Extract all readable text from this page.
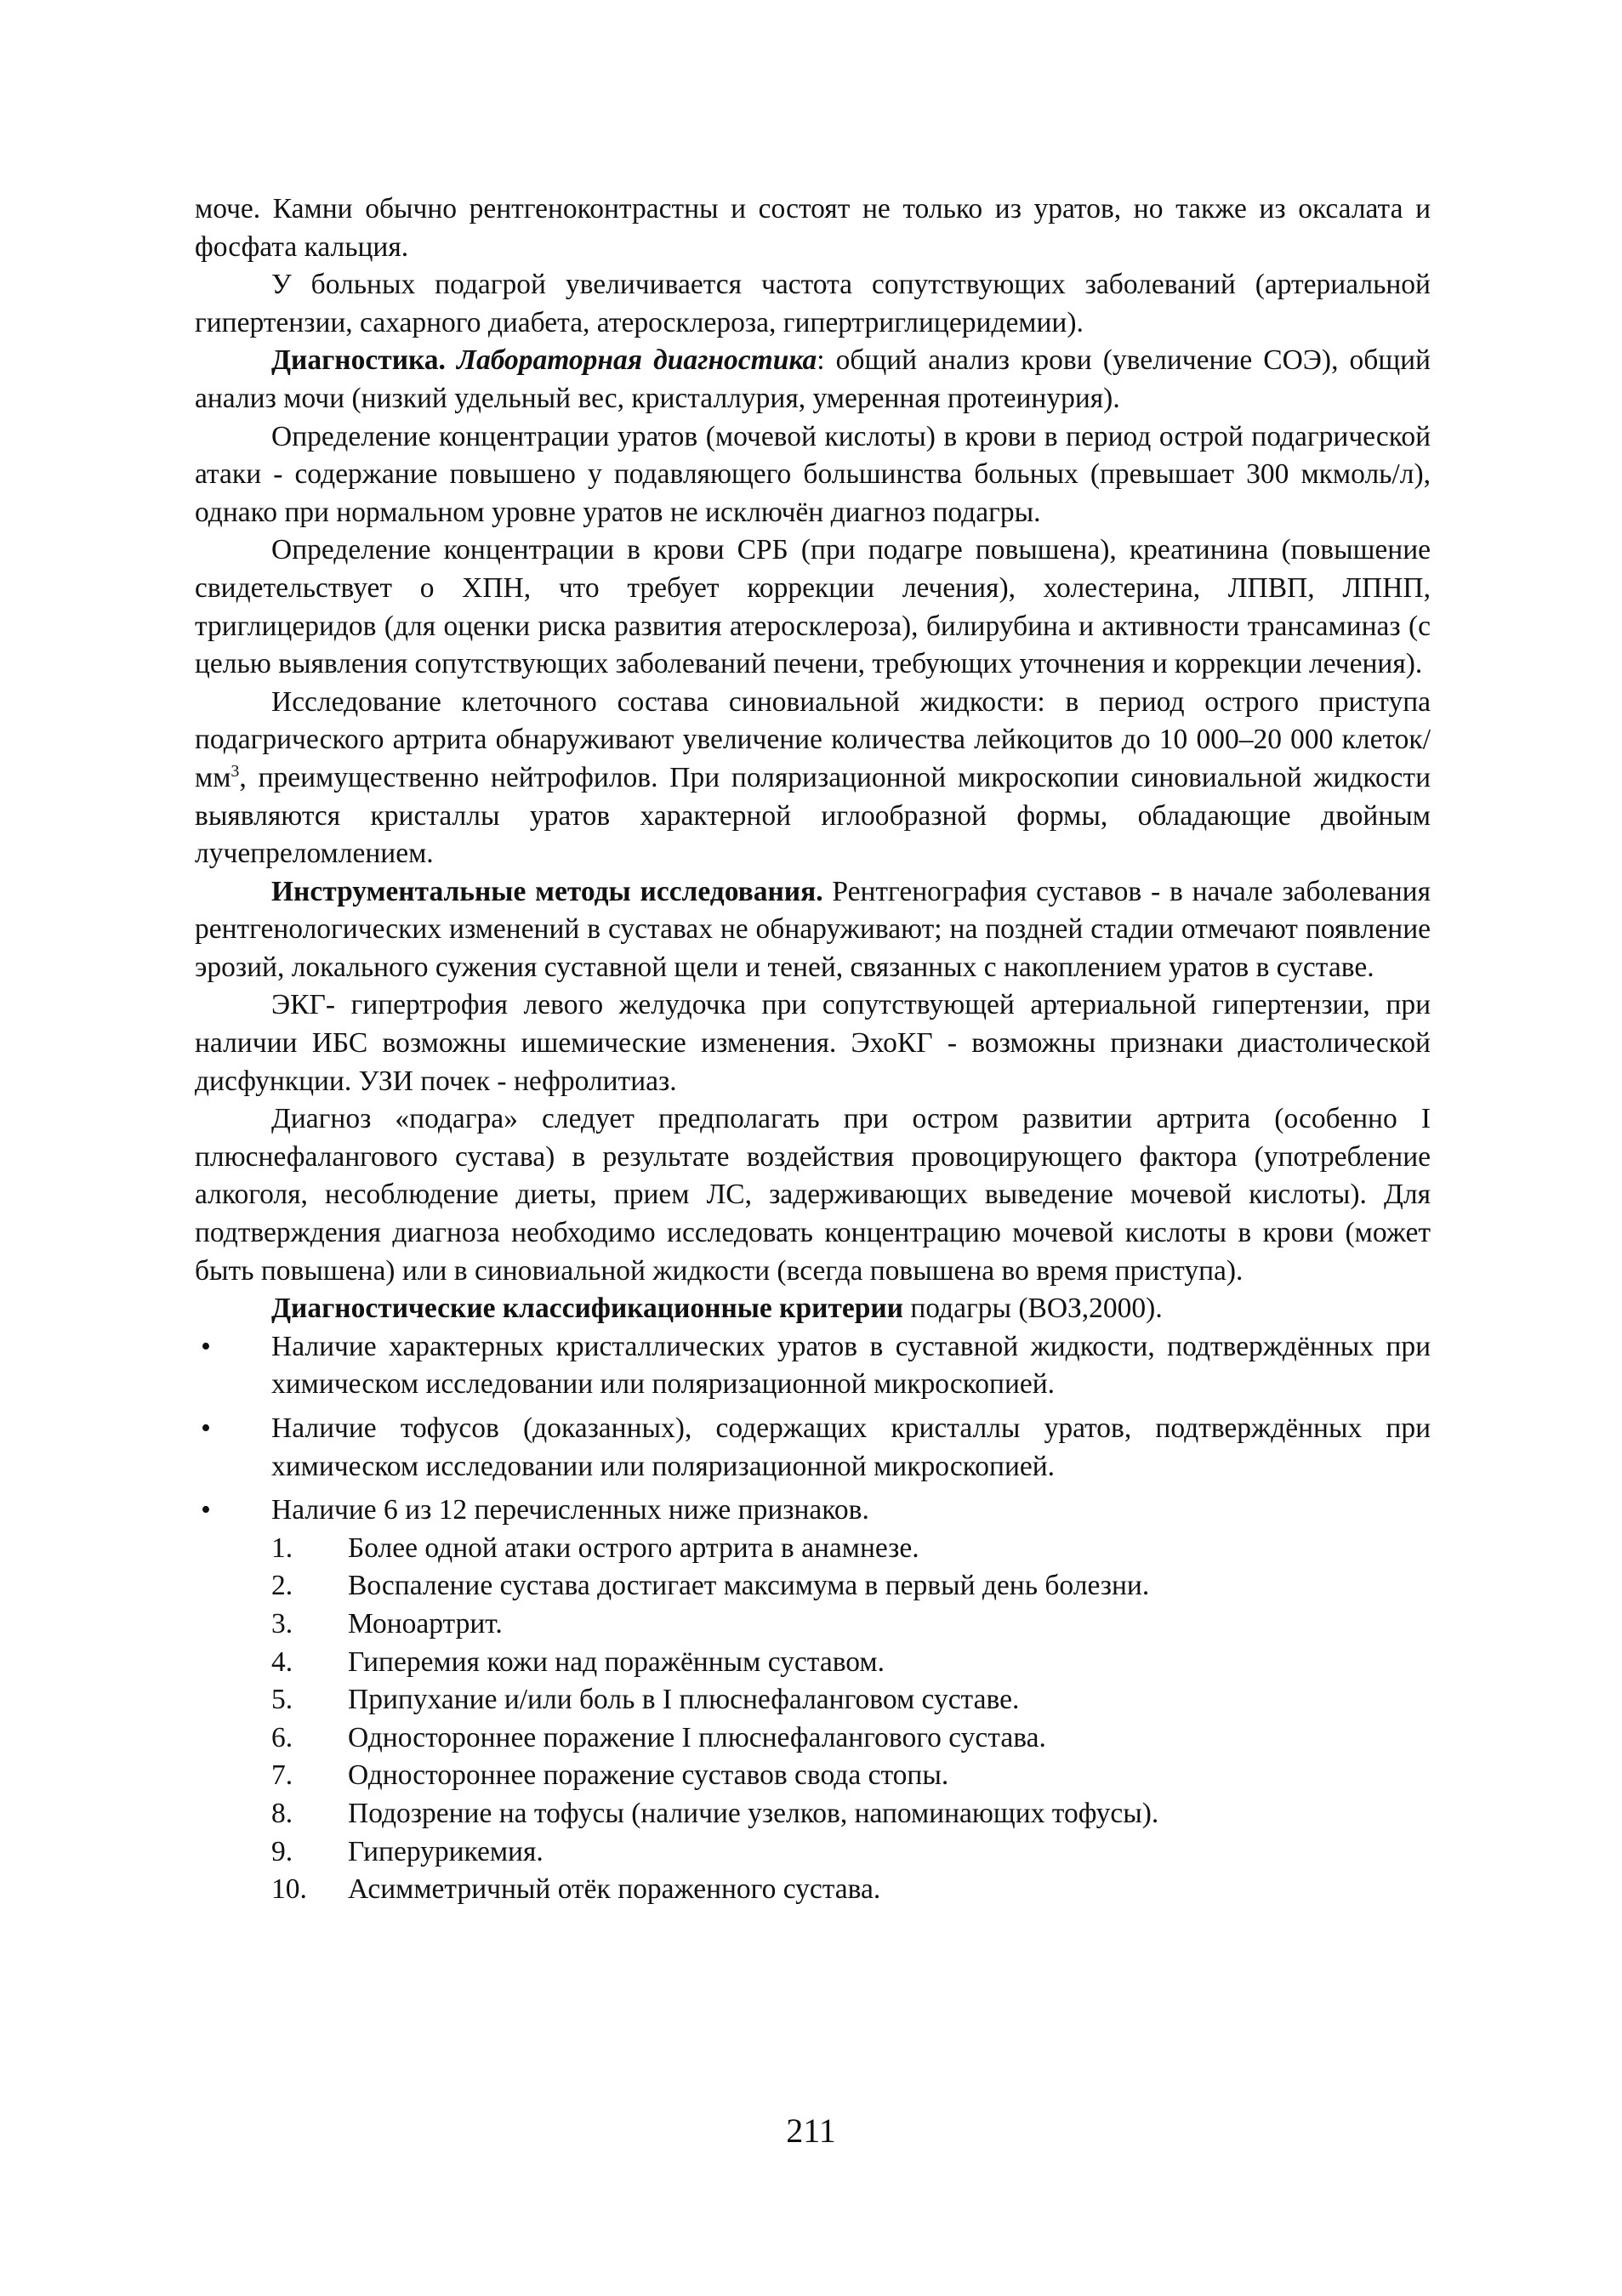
моче. Камни обычно рентгеноконтрастны и состоят не только из уратов, но также из оксалата и фосфата кальция.

У больных подагрой увеличивается частота сопутствующих заболеваний (артериальной гипертензии, сахарного диабета, атеросклероза, гипертриглицеридемии).

Диагностика. Лабораторная диагностика: общий анализ крови (увеличение СОЭ), общий анализ мочи (низкий удельный вес, кристаллурия, умеренная протеинурия).

Определение концентрации уратов (мочевой кислоты) в крови в период острой подагрической атаки - содержание повышено у подавляющего большинства больных (превышает 300 мкмоль/л), однако при нормальном уровне уратов не исключён диагноз подагры.

Определение концентрации в крови СРБ (при подагре повышена), креатинина (повышение свидетельствует о ХПН, что требует коррекции лечения), холестерина, ЛПВП, ЛПНП, триглицеридов (для оценки риска развития атеросклероза), билирубина и активности трансаминаз (с целью выявления сопутствующих заболеваний печени, требующих уточнения и коррекции лечения).

Исследование клеточного состава синовиальной жидкости: в период острого приступа подагрического артрита обнаруживают увеличение количества лейкоцитов до 10 000–20 000 клеток/$мм^3$, преимущественно нейтрофилов. При поляризационной микроскопии синовиальной жидкости выявляются кристаллы уратов характерной иглообразной формы, обладающие двойным лучепреломлением.

Инструментальные методы исследования. Рентгенография суставов - в начале заболевания рентгенологических изменений в суставах не обнаруживают; на поздней стадии отмечают появление эрозий, локального сужения суставной щели и теней, связанных с накоплением уратов в суставе.

ЭКГ- гипертрофия левого желудочка при сопутствующей артериальной гипертензии, при наличии ИБС возможны ишемические изменения. ЭхоКГ - возможны признаки диастолической дисфункции. УЗИ почек - нефролитиаз.

Диагноз «подагра» следует предполагать при остром развитии артрита (особенно I плюснефалангового сустава) в результате воздействия провоцирующего фактора (употребление алкоголя, несоблюдение диеты, прием ЛС, задерживающих выведение мочевой кислоты). Для подтверждения диагноза необходимо исследовать концентрацию мочевой кислоты в крови (может быть повышена) или в синовиальной жидкости (всегда повышена во время приступа).

Диагностические классификационные критерии подагры (ВОЗ,2000).

• Наличие характерных кристаллических уратов в суставной жидкости, подтверждённых при химическом исследовании или поляризационной микроскопией.
• Наличие тофусов (доказанных), содержащих кристаллы уратов, подтверждённых при химическом исследовании или поляризационной микроскопией.
• Наличие 6 из 12 перечисленных ниже признаков.
1. Более одной атаки острого артрита в анамнезе.
2. Воспаление сустава достигает максимума в первый день болезни.
3. Моноартрит.
4. Гиперемия кожи над поражённым суставом.
5. Припухание и/или боль в I плюснефаланговом суставе.
6. Одностороннее поражение I плюснефалангового сустава.
7. Одностороннее поражение суставов свода стопы.
8. Подозрение на тофусы (наличие узелков, напоминающих тофусы).
9. Гиперурикемия.
10. Асимметричный отёк пораженного сустава.
211
